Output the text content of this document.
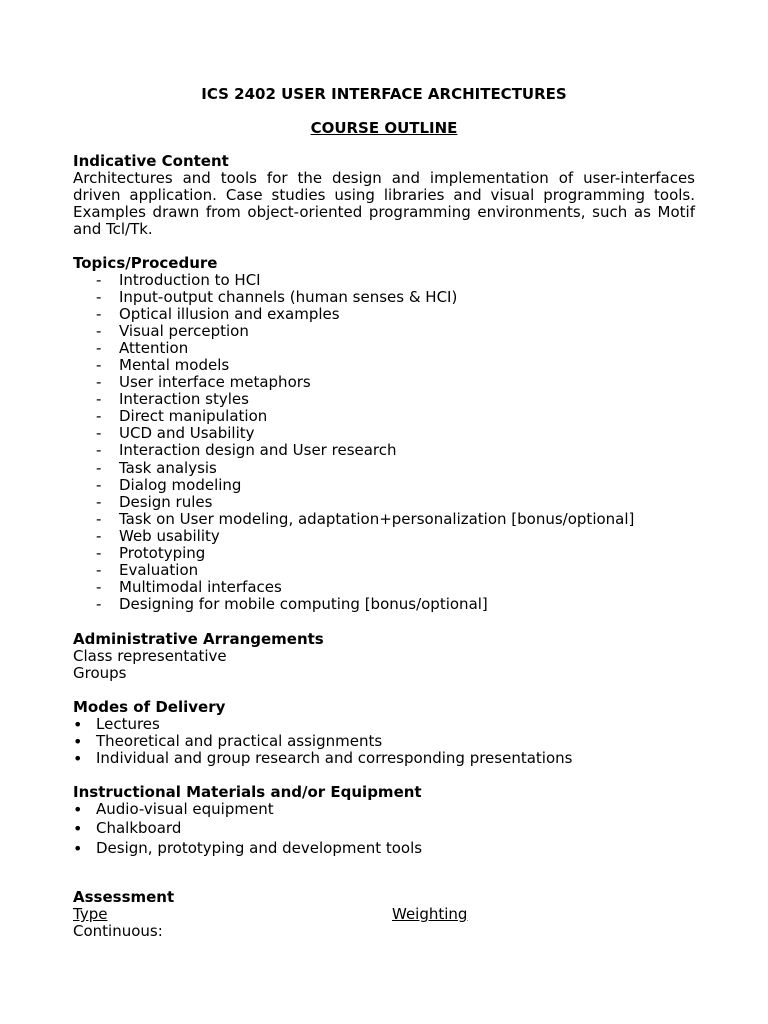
ICS 2402 USER INTERFACE ARCHITECTURES
COURSE OUTLINE

Indicative Content

Architectures and tools for the design and implementation of user-interfaces driven application. Case studies using libraries and visual programming tools. Examples drawn from object-oriented programming environments, such as Motif and Tcl/Tk.

Topics/Procedure

- Introduction to HCI
- Input-output channels (human senses & HCI)
- Optical illusion and examples
- Visual perception
- Attention
- Mental models
- User interface metaphors
- Interaction styles
- Direct manipulation
- UCD and Usability
- Interaction design and User research
- Task analysis
- Dialog modeling
- Design rules
- Task on User modeling, adaptation+personalization [bonus/optional]
- Web usability
- Prototyping
- Evaluation
- Multimodal interfaces
- Designing for mobile computing [bonus/optional]

Administrative Arrangements

Class representative

Groups

Modes of Delivery

• Lectures
• Theoretical and practical assignments
• Individual and group research and corresponding presentations

Instructional Materials and/or Equipment

• Audio-visual equipment
• Chalkboard
• Design, prototyping and development tools

Assessment

Type	Weighting

Continuous:
